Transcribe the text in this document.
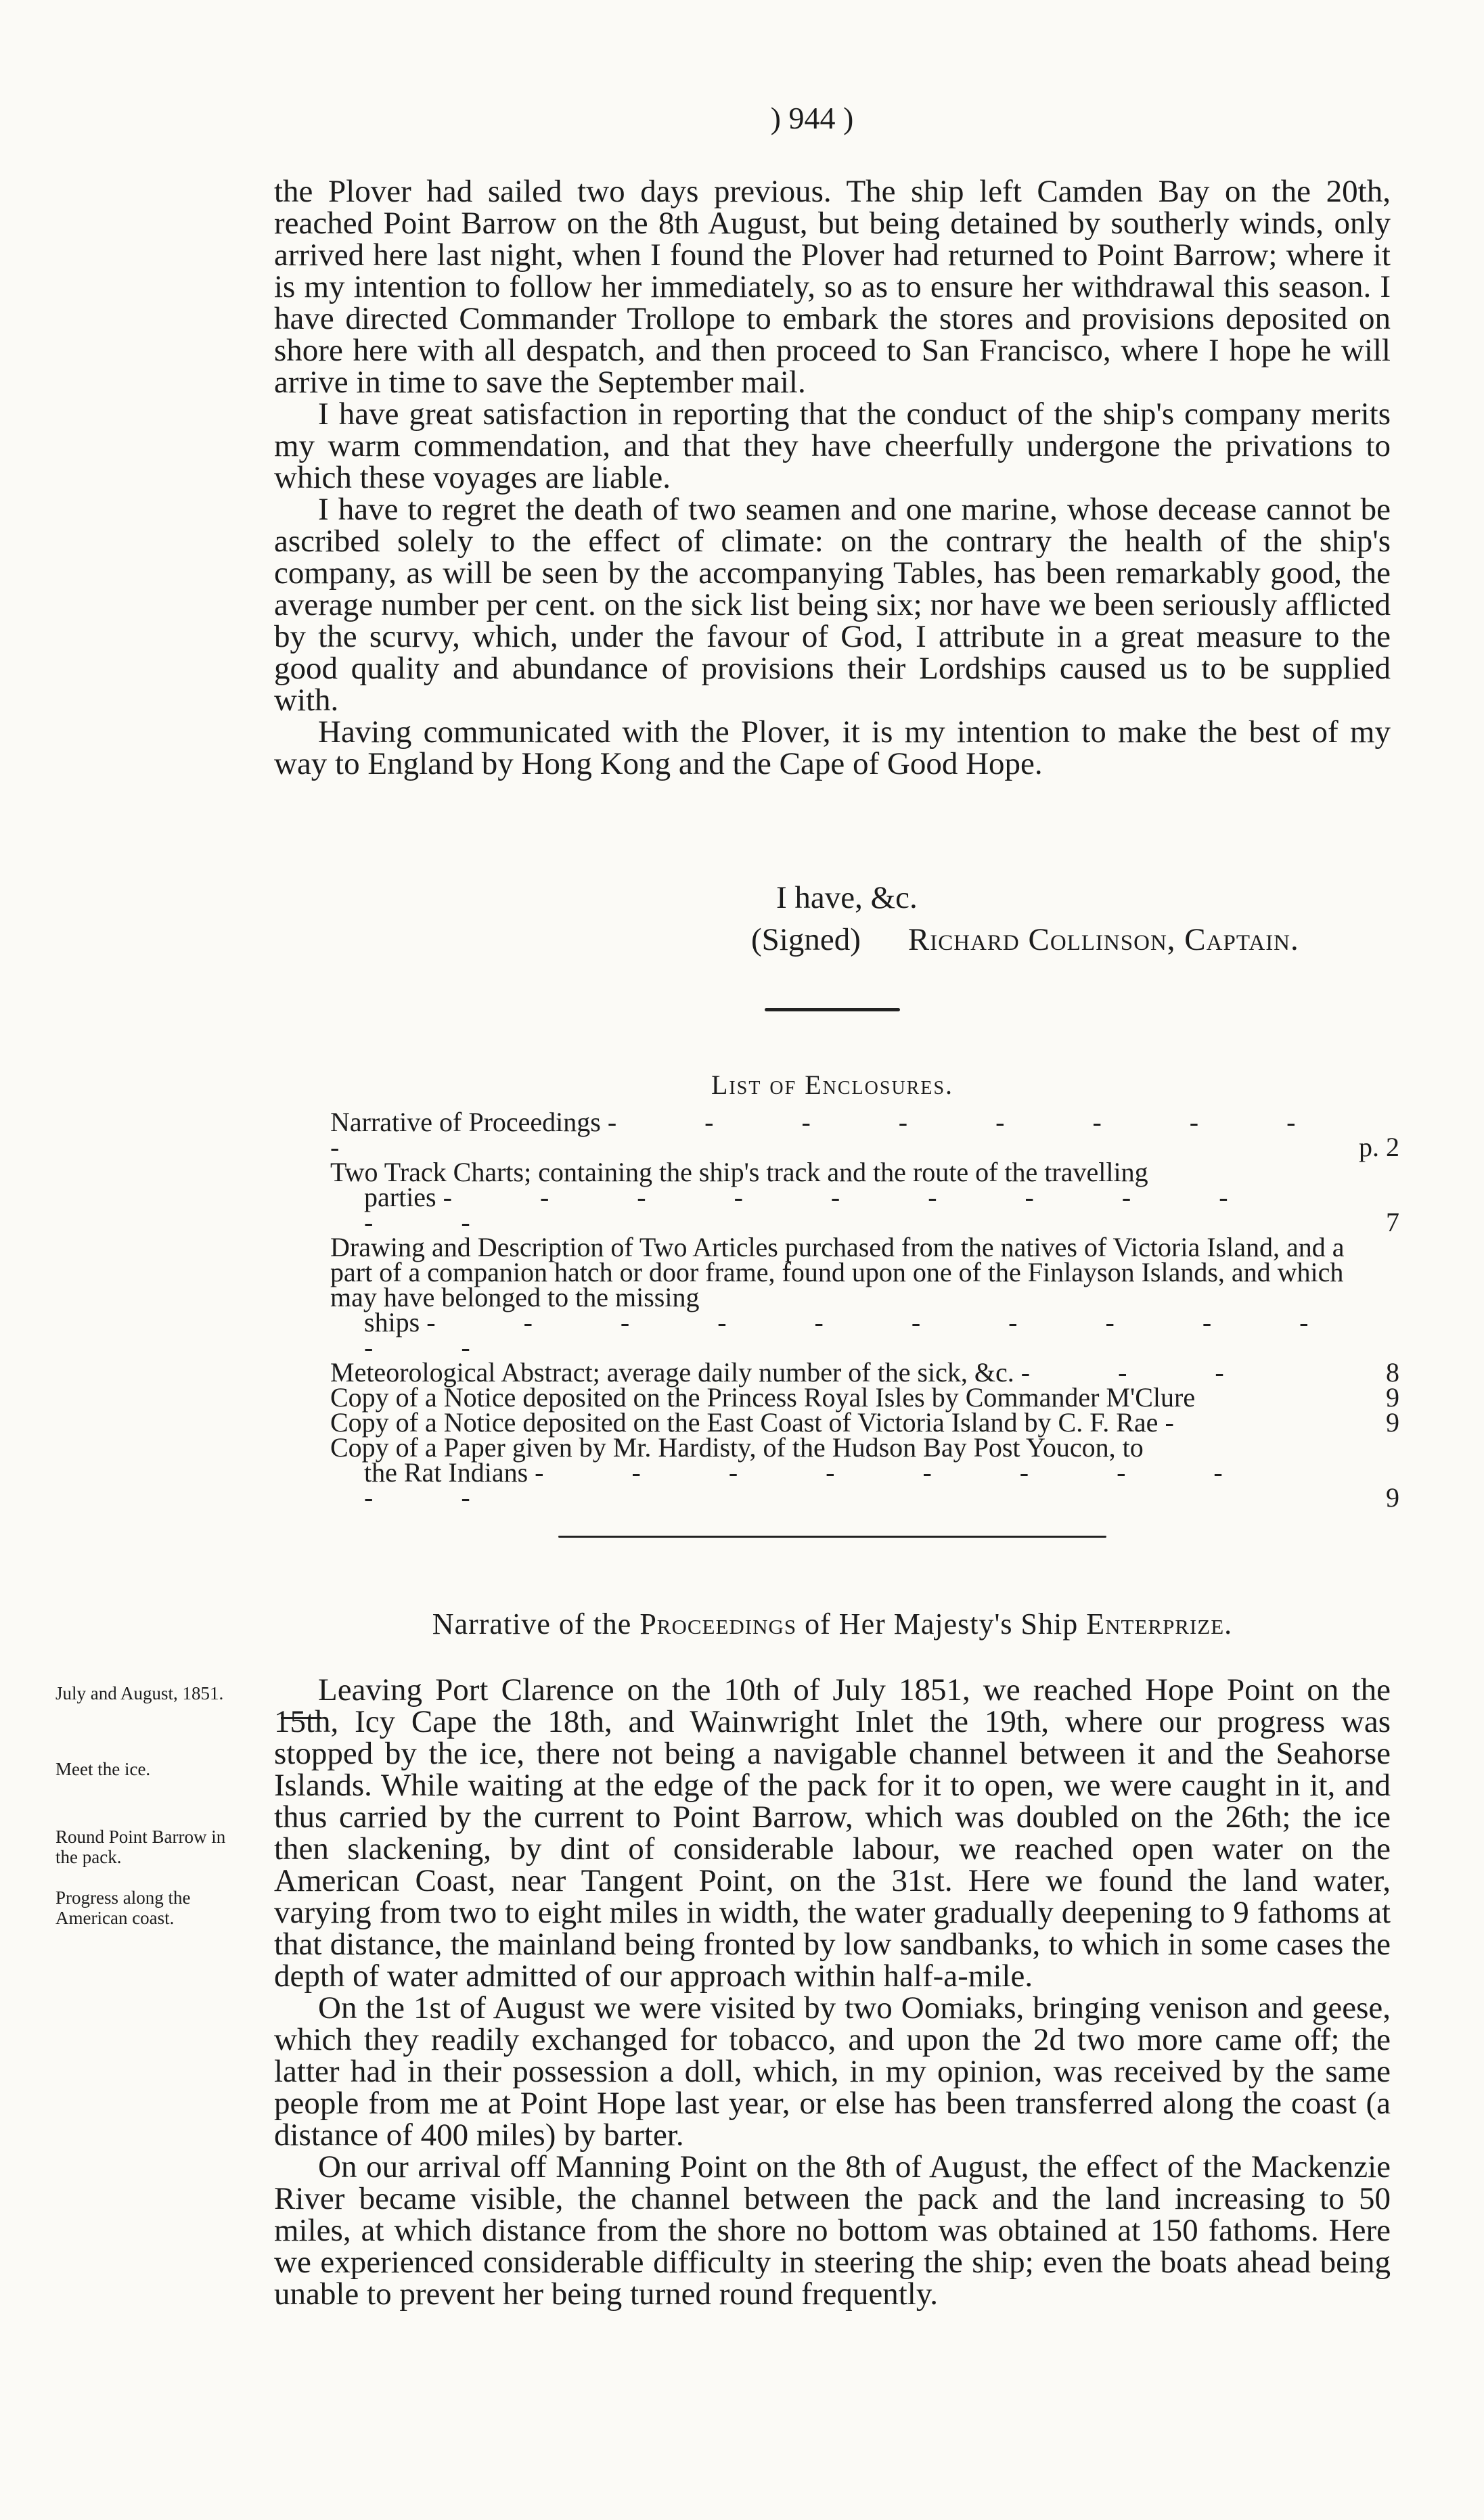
) 944 )

the Plover had sailed two days previous. The ship left Camden Bay on the 20th, reached Point Barrow on the 8th August, but being detained by southerly winds, only arrived here last night, when I found the Plover had returned to Point Barrow; where it is my intention to follow her immediately, so as to ensure her withdrawal this season. I have directed Commander Trollope to embark the stores and provisions deposited on shore here with all despatch, and then proceed to San Francisco, where I hope he will arrive in time to save the September mail.

I have great satisfaction in reporting that the conduct of the ship's company merits my warm commendation, and that they have cheerfully undergone the privations to which these voyages are liable.

I have to regret the death of two seamen and one marine, whose decease cannot be ascribed solely to the effect of climate: on the contrary the health of the ship's company, as will be seen by the accompanying Tables, has been remarkably good, the average number per cent. on the sick list being six; nor have we been seriously afflicted by the scurvy, which, under the favour of God, I attribute in a great measure to the good quality and abundance of provisions their Lordships caused us to be supplied with.

Having communicated with the Plover, it is my intention to make the best of my way to England by Hong Kong and the Cape of Good Hope.

I have, &c.
(Signed) Richard Collinson, Captain.
List of Enclosures.
Narrative of Proceedings - - - - - - - - -	p. 2
Two Track Charts; containing the ship's track and the route of the travelling
parties - - - - - - - - - - -	7
Drawing and Description of Two Articles purchased from the natives of Victoria Island, and a part of a companion hatch or door frame, found upon one of the Finlayson Islands, and which may have belonged to the missing
ships - - - - - - - - - - - -
Meteorological Abstract; average daily number of the sick, &c. - - -	8
Copy of a Notice deposited on the Princess Royal Isles by Commander M'Clure	9
Copy of a Notice deposited on the East Coast of Victoria Island by C. F. Rae -	9
Copy of a Paper given by Mr. Hardisty, of the Hudson Bay Post Youcon, to
the Rat Indians - - - - - - - - - -	9
Narrative of the Proceedings of Her Majesty's Ship Enterprize.
July and August, 1851.
Meet the ice.
Round Point Barrow in the pack.
Progress along the American coast.

Leaving Port Clarence on the 10th of July 1851, we reached Hope Point on the 15th, Icy Cape the 18th, and Wainwright Inlet the 19th, where our progress was stopped by the ice, there not being a navigable channel between it and the Seahorse Islands. While waiting at the edge of the pack for it to open, we were caught in it, and thus carried by the current to Point Barrow, which was doubled on the 26th; the ice then slackening, by dint of considerable labour, we reached open water on the American Coast, near Tangent Point, on the 31st. Here we found the land water, varying from two to eight miles in width, the water gradually deepening to 9 fathoms at that distance, the mainland being fronted by low sandbanks, to which in some cases the depth of water admitted of our approach within half-a-mile.

On the 1st of August we were visited by two Oomiaks, bringing venison and geese, which they readily exchanged for tobacco, and upon the 2d two more came off; the latter had in their possession a doll, which, in my opinion, was received by the same people from me at Point Hope last year, or else has been transferred along the coast (a distance of 400 miles) by barter.

On our arrival off Manning Point on the 8th of August, the effect of the Mackenzie River became visible, the channel between the pack and the land increasing to 50 miles, at which distance from the shore no bottom was obtained at 150 fathoms. Here we experienced considerable difficulty in steering the ship; even the boats ahead being unable to prevent her being turned round frequently.
